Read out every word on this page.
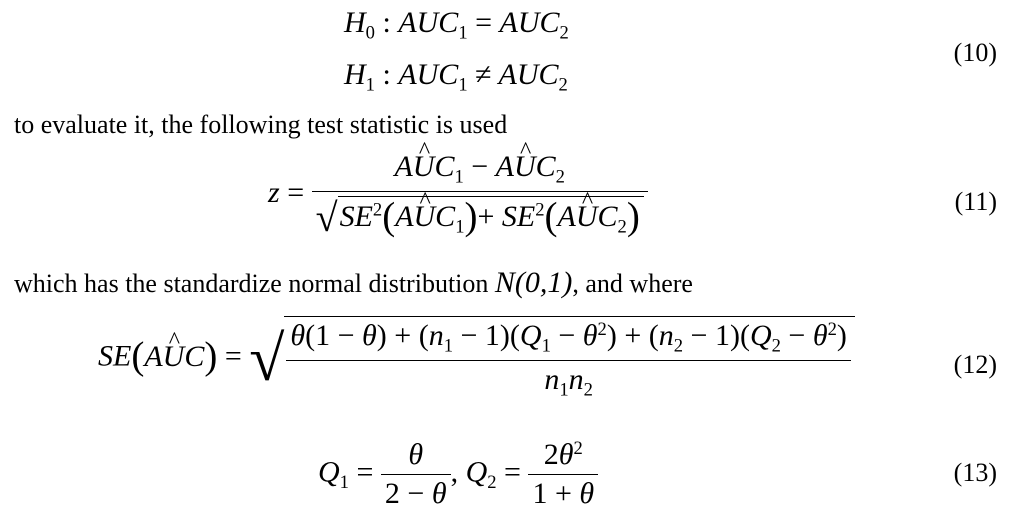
$H_0$ : $AUC_1 = AUC_2$
$H_1$ : $AUC_1 \ne AUC_2$
(10)
to evaluate it, the following test statistic is used
$z = \frac{AUC \^{}_1 - AUC \^{}_2}{√SE^2(AUC \^{}_1)+ SE^2(AUC \^{}_2)}$	(11)
which has the standardize normal distribution N(0,1), and where
SE(AUC ^) = √ $\frac{\theta(1 - \theta) + (n_1 - 1)(Q_1 - \theta^2) + (n_2 - 1)(Q_2 - \theta^2)}{n_1n_2}$	(12)
$Q_1 = \frac{\theta}{2 - \theta}$ , $Q_2 = \frac{2\theta^2}{1 + \theta}$	(13)
